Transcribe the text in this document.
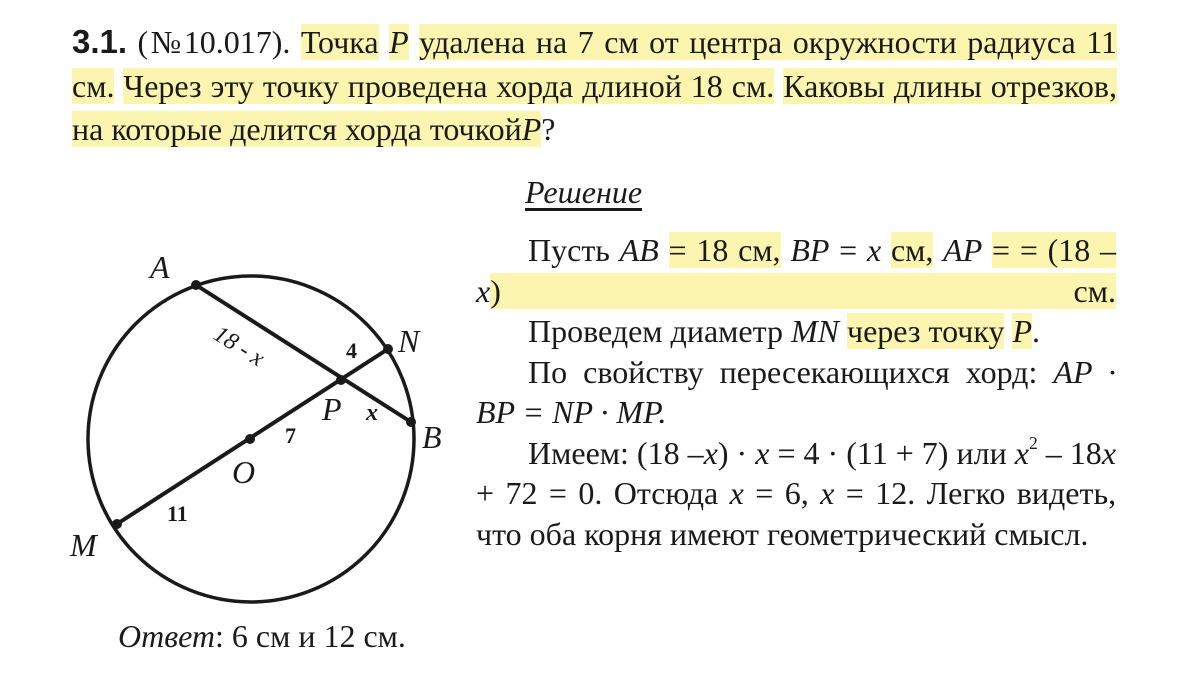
3.1. (№10.017). Точка P удалена на 7 см от центра окружности радиуса 11 см. Через эту точку проведена хорда длиной 18 см. Каковы длины отрезков, на которые делится хорда точкойP?
Решение

Пусть AB = 18 см, BP = x см, AP = = (18 –x) см.

Проведем диаметр MN через точку P.

По свойству пересекающихся хорд: AP · BP = NP · MP.

Имеем: (18 –x) · x = 4 · (11 + 7) или $x^2 - 18x + 72 = 0$. Отсюда x = 6, x = 12. Легко видеть, что оба корня имеют геометрический смысл.

A
N
B
P
O
M
18 - x	4
x
7
11
Ответ: 6 см и 12 см.
